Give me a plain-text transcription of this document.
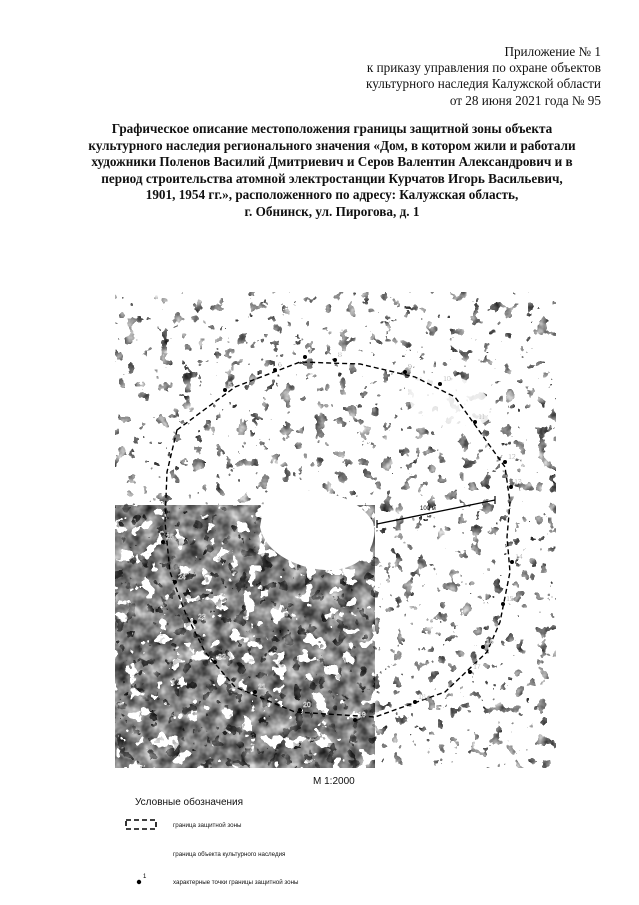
Приложение № 1
к приказу управления по охране объектов
культурного наследия Калужской области
от 28 июня 2021 года № 95
Графическое описание местоположения границы защитной зоны объекта
культурного наследия регионального значения «Дом, в котором жили и работали
художники Поленов Василий Дмитриевич и Серов Валентин Александрович и в
период строительства атомной электростанции Курчатов Игорь Васильевич,
1901, 1954 гг.», расположенного по адресу: Калужская область,
г. Обнинск, ул. Пирогова, д. 1
100 м
5
6
7	8
9
10
11
12
13
14
15
16
17
18
19
20
21
22
23
24
25
М 1:2000
Условные обозначения
граница защитной зоны
граница объекта культурного наследия
1
характерные точки границы защитной зоны
